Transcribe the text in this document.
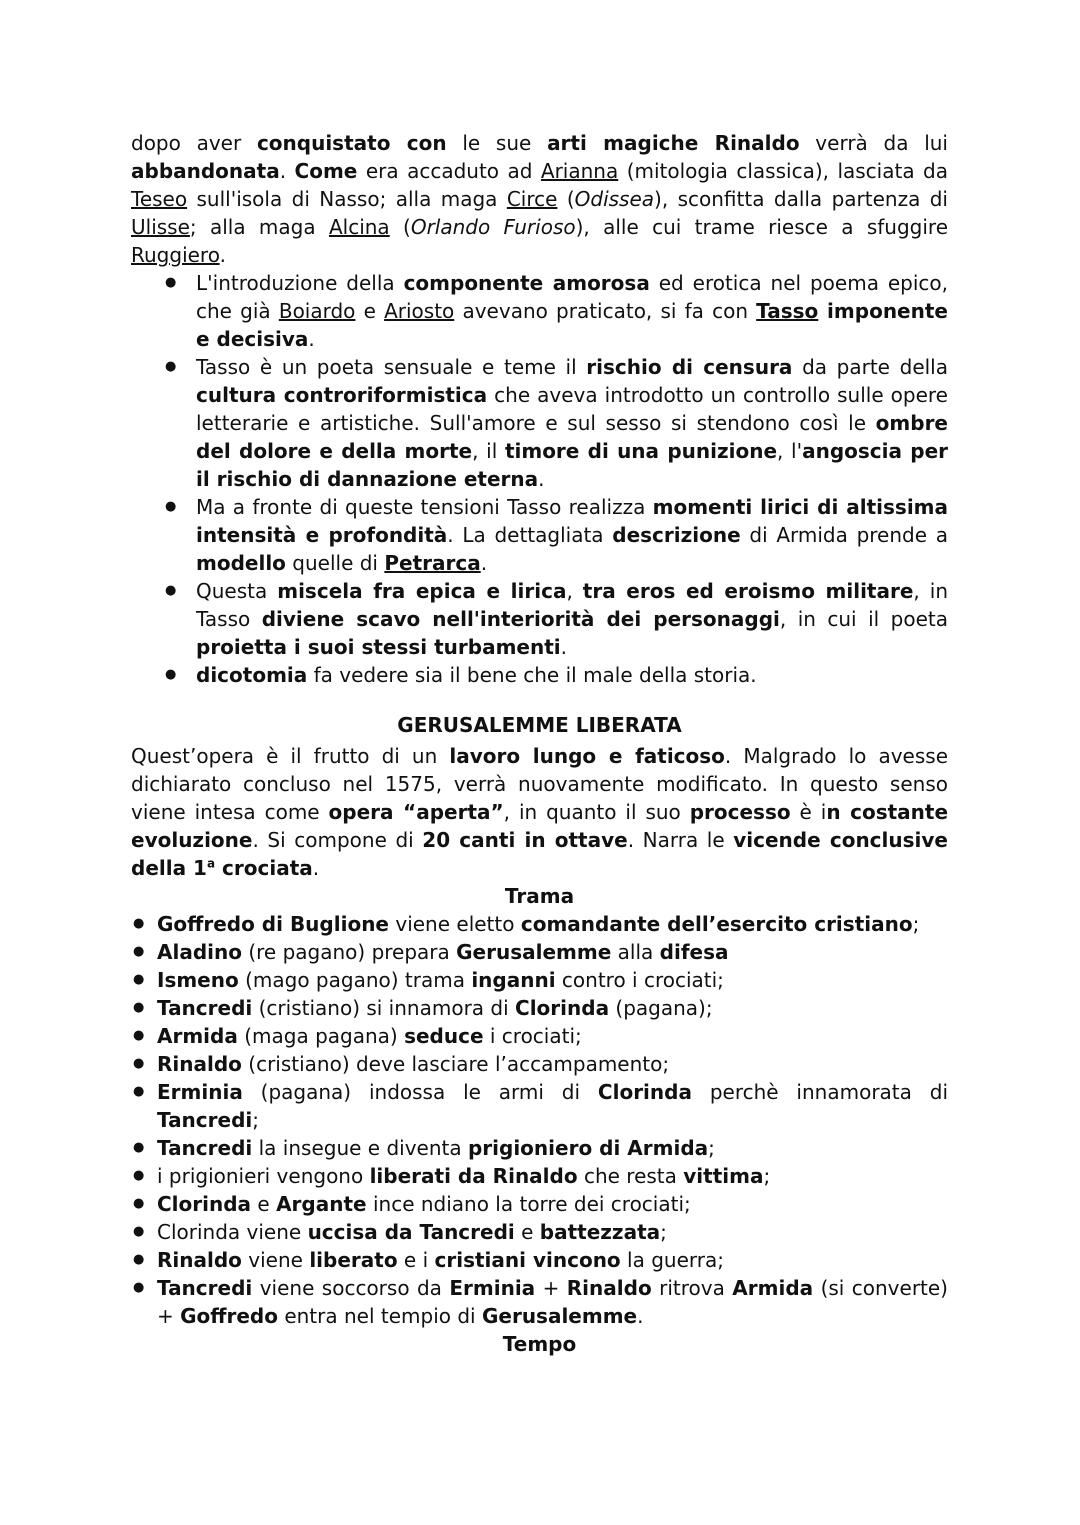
dopo aver conquistato con le sue arti magiche Rinaldo verrà da lui abbandonata. Come era accaduto ad Arianna (mitologia classica), lasciata da Teseo sull'isola di Nasso; alla maga Circe (Odissea), sconfitta dalla partenza di Ulisse; alla maga Alcina (Orlando Furioso), alle cui trame riesce a sfuggire Ruggiero.

● L'introduzione della componente amorosa ed erotica nel poema epico, che già Boiardo e Ariosto avevano praticato, si fa con Tasso imponente e decisiva.
● Tasso è un poeta sensuale e teme il rischio di censura da parte della cultura controriformistica che aveva introdotto un controllo sulle opere letterarie e artistiche. Sull'amore e sul sesso si stendono così le ombre del dolore e della morte, il timore di una punizione, l'angoscia per il rischio di dannazione eterna.
● Ma a fronte di queste tensioni Tasso realizza momenti lirici di altissima intensità e profondità. La dettagliata descrizione di Armida prende a modello quelle di Petrarca.
● Questa miscela fra epica e lirica, tra eros ed eroismo militare, in Tasso diviene scavo nell'interiorità dei personaggi, in cui il poeta proietta i suoi stessi turbamenti.
● dicotomia fa vedere sia il bene che il male della storia.
GERUSALEMME LIBERATA

Quest’opera è il frutto di un lavoro lungo e faticoso. Malgrado lo avesse dichiarato concluso nel 1575, verrà nuovamente modificato. In questo senso viene intesa come opera “aperta”, in quanto il suo processo è in costante evoluzione. Si compone di 20 canti in ottave. Narra le vicende conclusive della 1$^a$ crociata.

Trama
● Goffredo di Buglione viene eletto comandante dell’esercito cristiano;
● Aladino (re pagano) prepara Gerusalemme alla difesa
● Ismeno (mago pagano) trama inganni contro i crociati;
● Tancredi (cristiano) si innamora di Clorinda (pagana);
● Armida (maga pagana) seduce i crociati;
● Rinaldo (cristiano) deve lasciare l’accampamento;
● Erminia (pagana) indossa le armi di Clorinda perchè innamorata di Tancredi;
● Tancredi la insegue e diventa prigioniero di Armida;
● i prigionieri vengono liberati da Rinaldo che resta vittima;
● Clorinda e Argante ince ndiano la torre dei crociati;
● Clorinda viene uccisa da Tancredi e battezzata;
● Rinaldo viene liberato e i cristiani vincono la guerra;
● Tancredi viene soccorso da Erminia + Rinaldo ritrova Armida (si converte) + Goffredo entra nel tempio di Gerusalemme.
Tempo
